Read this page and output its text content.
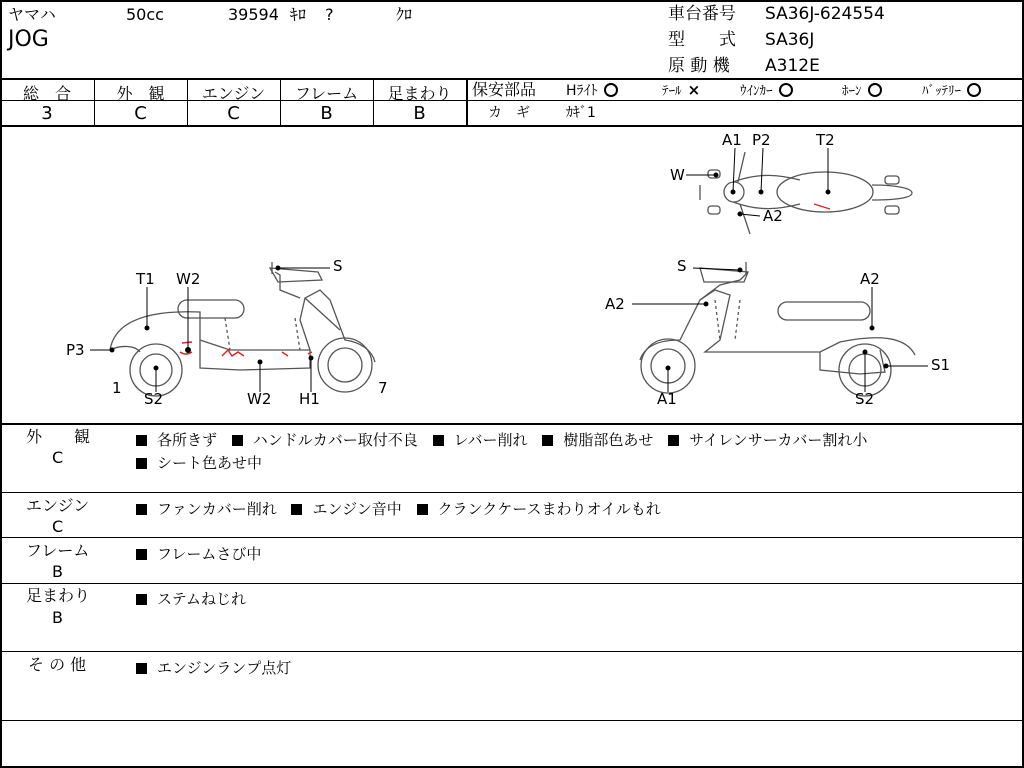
ヤマハ	50cc	39594 ｷﾛ ?	ｸﾛ
JOG
車台番号 SA36J-624554
型　　式 SA36J
原 動 機 A312E
総　合	外　観	エンジン	フレーム	足まわり
3	C	C	B	B
保安部品 Hﾗｲﾄ	ﾃｰﾙ ×	ｳｲﾝｶｰ	ﾎｰﾝ	ﾊﾞｯﾃﾘｰ
カ　ギ	ｶｷﾞ1
S
T1 W2
P3
1
S2	W2 H1
7
S
A2
A2
S1
A1	S2
A1 P2	T2
W
A2
外　　観
C
各所きず ハンドルカバー取付不良 レバー削れ 樹脂部色あせ サイレンサーカバー割れ小
シート色あせ中
エンジン
C
ファンカバー削れ エンジン音中 クランクケースまわりオイルもれ
フレーム
B
フレームさび中
足まわり
B
ステムねじれ
そ の 他	エンジンランプ点灯
